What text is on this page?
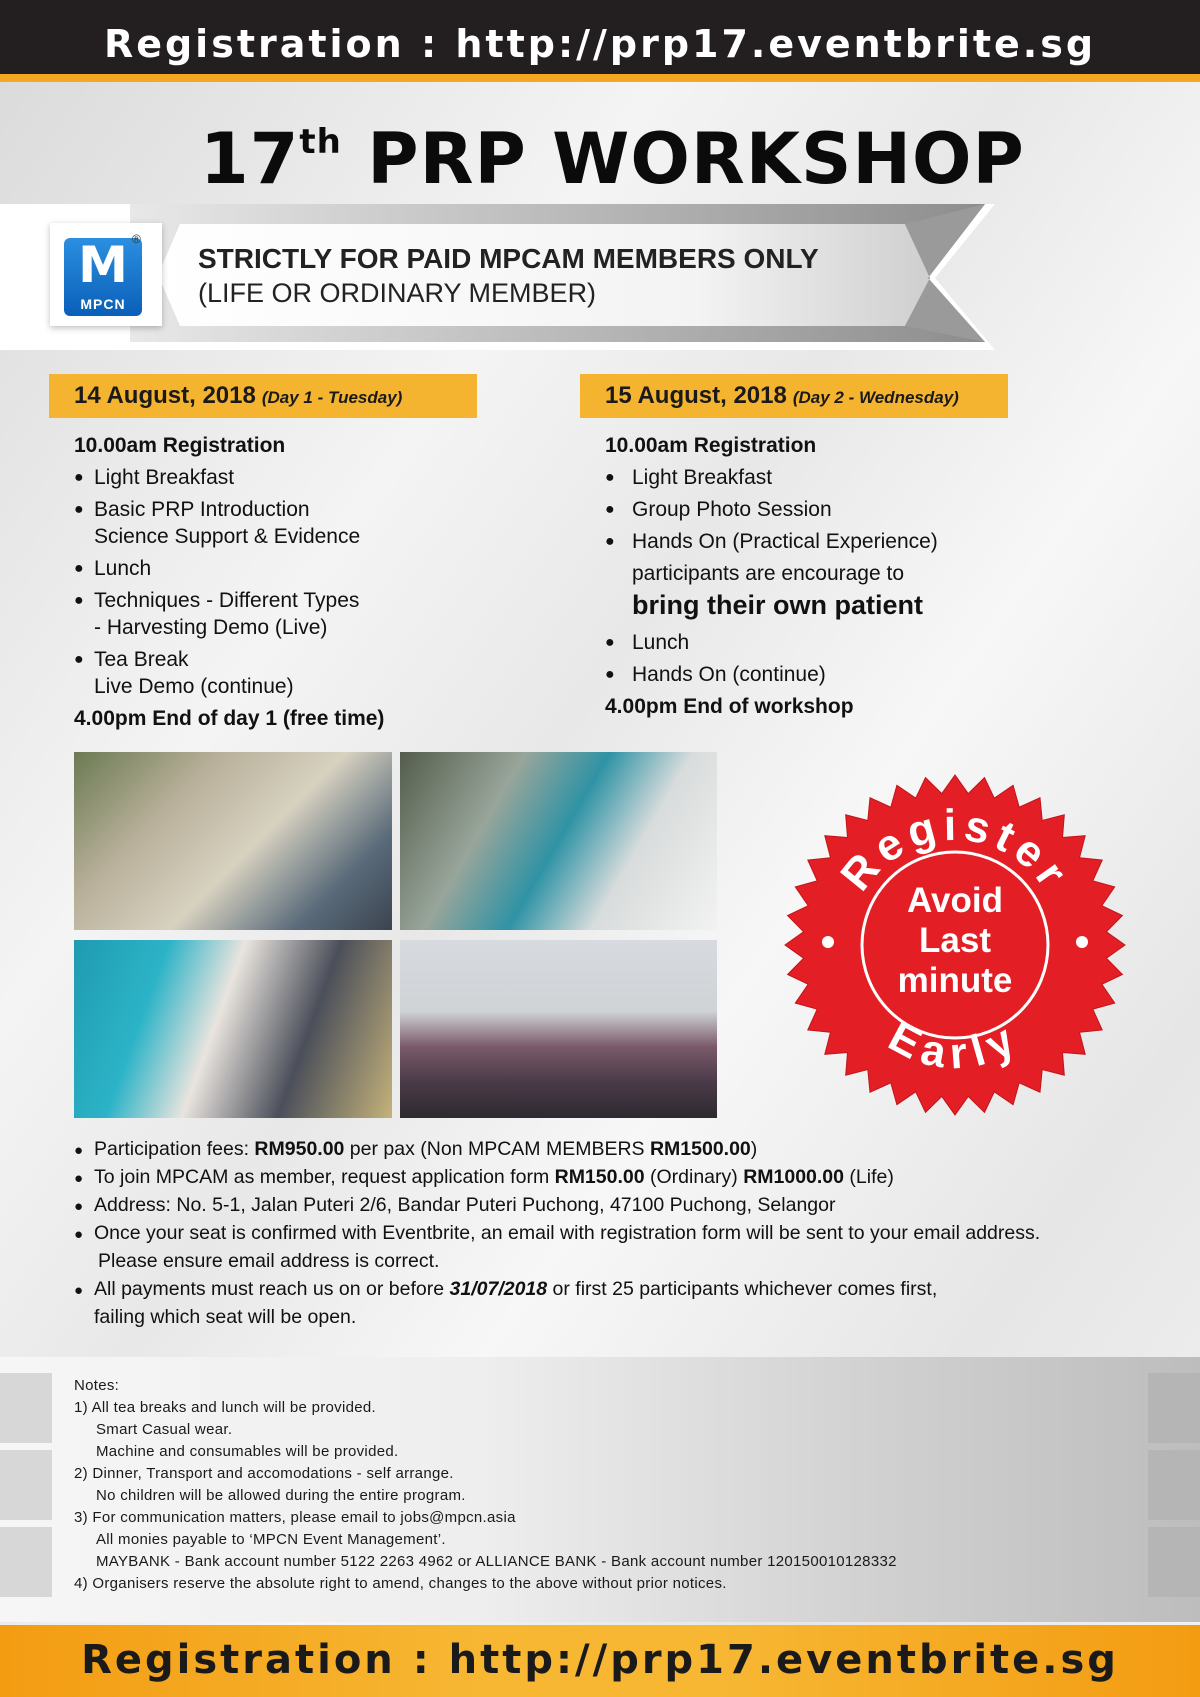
Registration : http://prp17.eventbrite.sg
17th PRP WORKSHOP
M
MPCN
®
STRICTLY FOR PAID MPCAM MEMBERS ONLY
(LIFE OR ORDINARY MEMBER)
14 August, 2018 (Day 1 - Tuesday)	15 August, 2018 (Day 2 - Wednesday)
10.00am Registration
● Light Breakfast
● Basic PRP Introduction
Science Support & Evidence
● Lunch
● Techniques - Different Types
- Harvesting Demo (Live)
● Tea Break
Live Demo (continue)
4.00pm End of day 1 (free time)
10.00am Registration
● Light Breakfast
● Group Photo Session
● Hands On (Practical Experience)
participants are encourage to
bring their own patient
● Lunch
● Hands On (continue)
4.00pm End of workshop
Register
Early
Avoid
Last
minute
● Participation fees: RM950.00 per pax (Non MPCAM MEMBERS RM1500.00)
● To join MPCAM as member, request application form RM150.00 (Ordinary) RM1000.00 (Life)
● Address: No. 5-1, Jalan Puteri 2/6, Bandar Puteri Puchong, 47100 Puchong, Selangor
● Once your seat is confirmed with Eventbrite, an email with registration form will be sent to your email address.
Please ensure email address is correct.
● All payments must reach us on or before 31/07/2018 or first 25 participants whichever comes first,
failing which seat will be open.
Notes:
1) All tea breaks and lunch will be provided.
Smart Casual wear.
Machine and consumables will be provided.
2) Dinner, Transport and accomodations - self arrange.
No children will be allowed during the entire program.
3) For communication matters, please email to jobs@mpcn.asia
All monies payable to ‘MPCN Event Management’.
MAYBANK - Bank account number 5122 2263 4962 or ALLIANCE BANK - Bank account number 120150010128332
4) Organisers reserve the absolute right to amend, changes to the above without prior notices.
Registration : http://prp17.eventbrite.sg
